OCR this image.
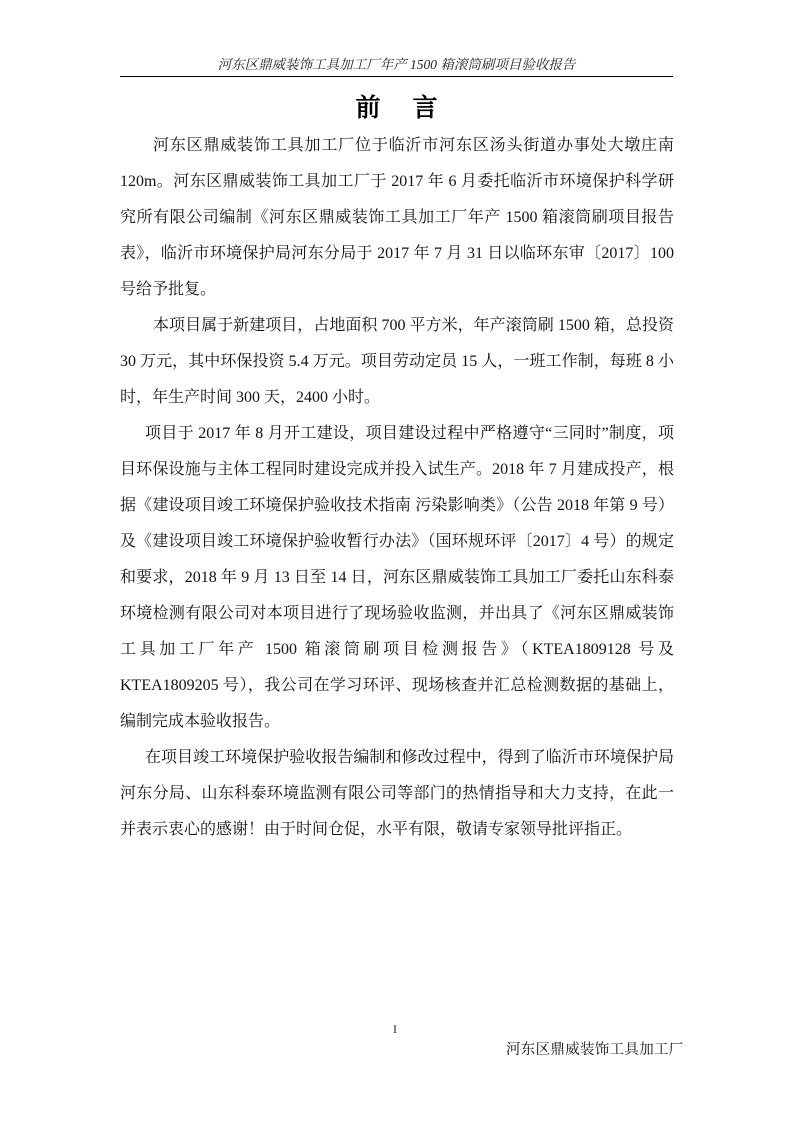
河东区鼎威装饰工具加工厂年产 1500 箱滚筒刷项目验收报告
前言

河东区鼎威装饰工具加工厂位于临沂市河东区汤头街道办事处大墩庄南 120m。河东区鼎威装饰工具加工厂于 2017 年 6 月委托临沂市环境保护科学研究所有限公司编制《河东区鼎威装饰工具加工厂年产 1500 箱滚筒刷项目报告表》，临沂市环境保护局河东分局于 2017 年 7 月 31 日以临环东审〔2017〕100 号给予批复。

本项目属于新建项目，占地面积 700 平方米，年产滚筒刷 1500 箱，总投资 30 万元，其中环保投资 5.4 万元。项目劳动定员 15 人，一班工作制，每班 8 小时，年生产时间 300 天，2400 小时。

项目于 2017 年 8 月开工建设，项目建设过程中严格遵守“三同时”制度，项目环保设施与主体工程同时建设完成并投入试生产。2018 年 7 月建成投产，根据《建设项目竣工环境保护验收技术指南 污染影响类》（公告 2018 年第 9 号）及《建设项目竣工环境保护验收暂行办法》（国环规环评〔2017〕4 号）的规定和要求，2018 年 9 月 13 日至 14 日，河东区鼎威装饰工具加工厂委托山东科泰环境检测有限公司对本项目进行了现场验收监测，并出具了《河东区鼎威装饰工具加工厂年产 1500 箱滚筒刷项目检测报告》（KTEA1809128 号及 KTEA1809205 号），我公司在学习环评、现场核查并汇总检测数据的基础上，编制完成本验收报告。

在项目竣工环境保护验收报告编制和修改过程中，得到了临沂市环境保护局河东分局、山东科泰环境监测有限公司等部门的热情指导和大力支持，在此一并表示衷心的感谢！由于时间仓促，水平有限，敬请专家领导批评指正。

I
河东区鼎威装饰工具加工厂
